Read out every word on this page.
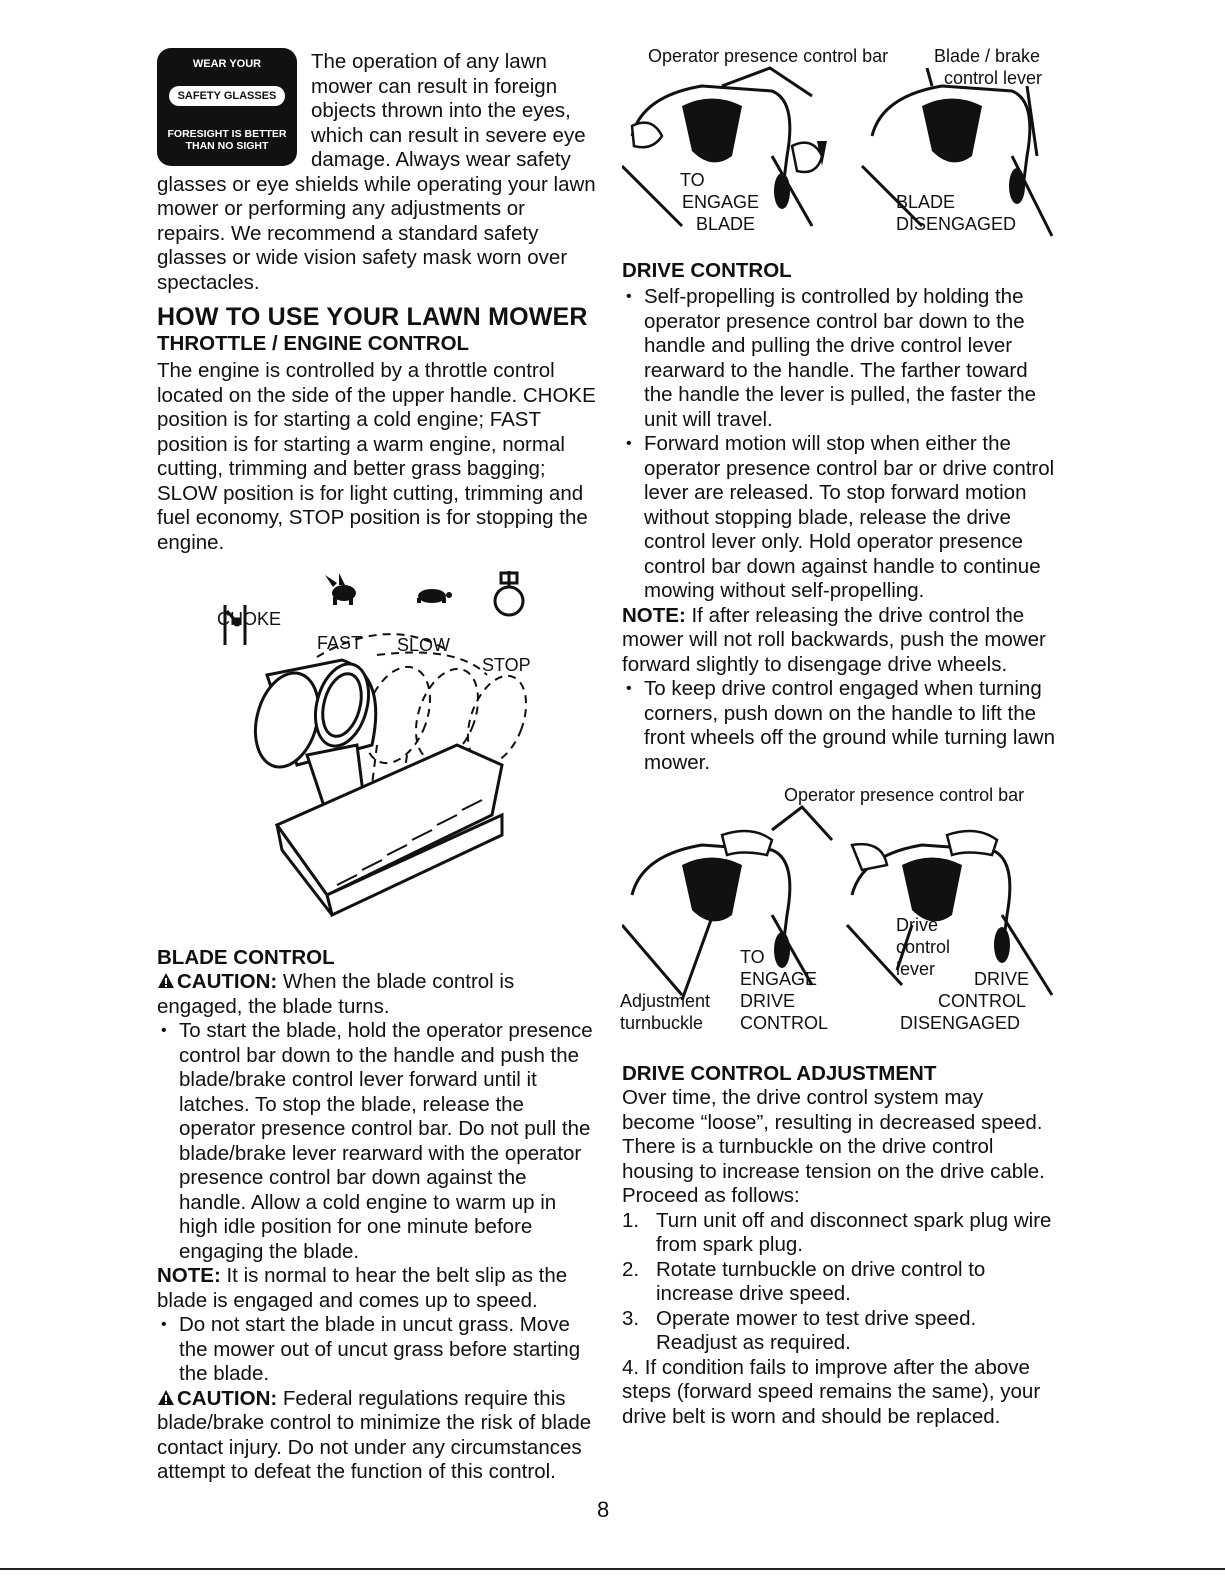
WEAR YOUR
SAFETY GLASSES
FORESIGHT IS BETTER
THAN NO SIGHT

The operation of any lawn mower can result in foreign objects thrown into the eyes, which can result in severe eye damage. Always wear safety glasses or eye shields while operating your lawn mower or performing any adjustments or repairs. We recommend a standard safety glasses or wide vision safety mask worn over spectacles.

HOW TO USE YOUR LAWN MOWER
THROTTLE / ENGINE CONTROL

The engine is controlled by a throttle control located on the side of the upper handle. CHOKE position is for starting a cold engine; FAST position is for starting a warm engine, normal cutting, trimming and better grass bagging; SLOW position is for light cutting, trimming and fuel economy, STOP position is for stopping the engine.

CHOKE
FAST SLOW
STOP
BLADE CONTROL

CAUTION: When the blade control is engaged, the blade turns.

• To start the blade, hold the operator presence control bar down to the handle and push the blade/brake control lever forward until it latches. To stop the blade, release the operator presence control bar. Do not pull the blade/brake lever rearward with the operator presence control bar down against the handle. Allow a cold engine to warm up in high idle position for one minute before engaging the blade.

NOTE: It is normal to hear the belt slip as the blade is engaged and comes up to speed.

• Do not start the blade in uncut grass. Move the mower out of uncut grass before starting the blade.

CAUTION: Federal regulations require this blade/brake control to minimize the risk of blade contact injury. Do not under any circumstances attempt to defeat the function of this control.

Operator presence control bar	Blade / brake
control lever
TO
ENGAGE
BLADE
BLADE
DISENGAGED
DRIVE CONTROL
• Self-propelling is controlled by holding the operator presence control bar down to the handle and pulling the drive control lever rearward to the handle. The farther toward the handle the lever is pulled, the faster the unit will travel.
• Forward motion will stop when either the operator presence control bar or drive control lever are released. To stop forward motion without stopping blade, release the drive control lever only. Hold operator presence control bar down against handle to continue mowing without self-propelling.

NOTE: If after releasing the drive control the mower will not roll backwards, push the mower forward slightly to disengage drive wheels.

• To keep drive control engaged when turning corners, push down on the handle to lift the front wheels off the ground while turning lawn mower.
Operator presence control bar
Drive
control
lever
TO
ENGAGE
DRIVE
CONTROL
DRIVE
CONTROL
DISENGAGED
Adjustment
turnbuckle
DRIVE CONTROL ADJUSTMENT

Over time, the drive control system may become “loose”, resulting in decreased speed. There is a turnbuckle on the drive control housing to increase tension on the drive cable. Proceed as follows:

1. Turn unit off and disconnect spark plug wire from spark plug.
2. Rotate turnbuckle on drive control to increase drive speed.
3. Operate mower to test drive speed. Readjust as required.

4. If condition fails to improve after the above steps (forward speed remains the same), your drive belt is worn and should be replaced.

8
